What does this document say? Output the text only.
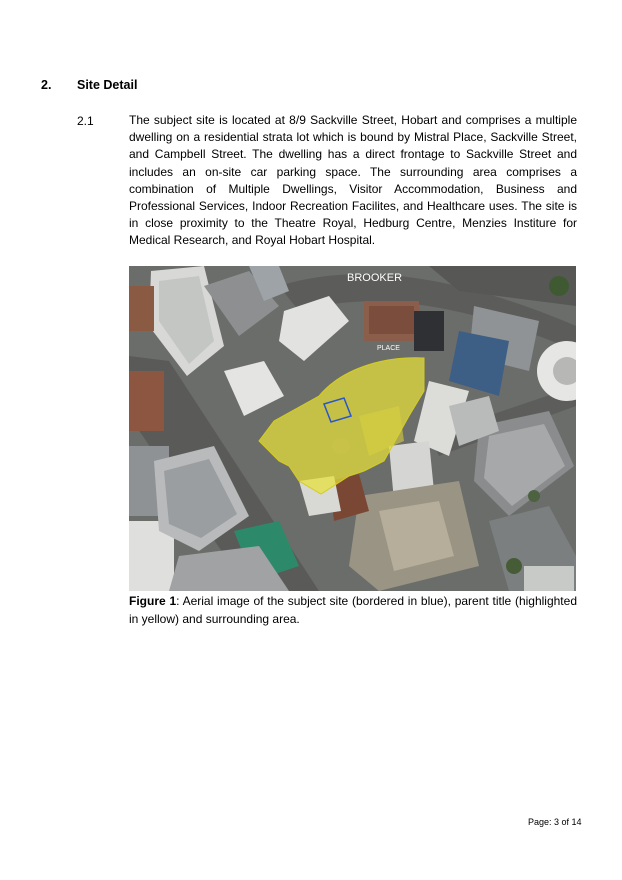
2. Site Detail
2.1	The subject site is located at 8/9 Sackville Street, Hobart and comprises a multiple dwelling on a residential strata lot which is bound by Mistral Place, Sackville Street, and Campbell Street. The dwelling has a direct frontage to Sackville Street and includes an on-site car parking space. The surrounding area comprises a combination of Multiple Dwellings, Visitor Accommodation, Business and Professional Services, Indoor Recreation Facilites, and Healthcare uses. The site is in close proximity to the Theatre Royal, Hedburg Centre, Menzies Institure for Medical Research, and Royal Hobart Hospital.
BROOKER
PLACE
Figure 1: Aerial image of the subject site (bordered in blue), parent title (highlighted in yellow) and surrounding area.
Page: 3 of 14
